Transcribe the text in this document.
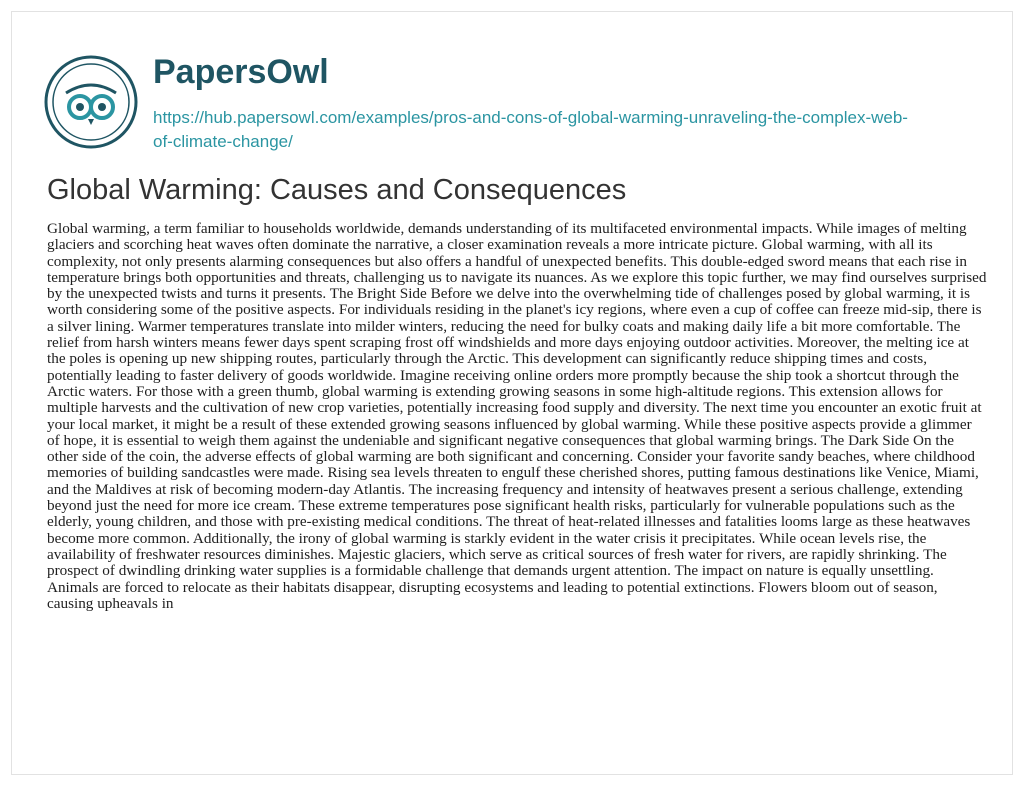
PapersOwl
https://hub.papersowl.com/examples/pros-and-cons-of-global-warming-unraveling-the-complex-web-of-climate-change/
Global Warming: Causes and Consequences

Global warming, a term familiar to households worldwide, demands understanding of its multifaceted environmental impacts. While images of melting glaciers and scorching heat waves often dominate the narrative, a closer examination reveals a more intricate picture. Global warming, with all its complexity, not only presents alarming consequences but also offers a handful of unexpected benefits. This double-edged sword means that each rise in temperature brings both opportunities and threats, challenging us to navigate its nuances. As we explore this topic further, we may find ourselves surprised by the unexpected twists and turns it presents. The Bright Side Before we delve into the overwhelming tide of challenges posed by global warming, it is worth considering some of the positive aspects. For individuals residing in the planet's icy regions, where even a cup of coffee can freeze mid-sip, there is a silver lining. Warmer temperatures translate into milder winters, reducing the need for bulky coats and making daily life a bit more comfortable. The relief from harsh winters means fewer days spent scraping frost off windshields and more days enjoying outdoor activities. Moreover, the melting ice at the poles is opening up new shipping routes, particularly through the Arctic. This development can significantly reduce shipping times and costs, potentially leading to faster delivery of goods worldwide. Imagine receiving online orders more promptly because the ship took a shortcut through the Arctic waters. For those with a green thumb, global warming is extending growing seasons in some high-altitude regions. This extension allows for multiple harvests and the cultivation of new crop varieties, potentially increasing food supply and diversity. The next time you encounter an exotic fruit at your local market, it might be a result of these extended growing seasons influenced by global warming. While these positive aspects provide a glimmer of hope, it is essential to weigh them against the undeniable and significant negative consequences that global warming brings. The Dark Side On the other side of the coin, the adverse effects of global warming are both significant and concerning. Consider your favorite sandy beaches, where childhood memories of building sandcastles were made. Rising sea levels threaten to engulf these cherished shores, putting famous destinations like Venice, Miami, and the Maldives at risk of becoming modern-day Atlantis. The increasing frequency and intensity of heatwaves present a serious challenge, extending beyond just the need for more ice cream. These extreme temperatures pose significant health risks, particularly for vulnerable populations such as the elderly, young children, and those with pre-existing medical conditions. The threat of heat-related illnesses and fatalities looms large as these heatwaves become more common. Additionally, the irony of global warming is starkly evident in the water crisis it precipitates. While ocean levels rise, the availability of freshwater resources diminishes. Majestic glaciers, which serve as critical sources of fresh water for rivers, are rapidly shrinking. The prospect of dwindling drinking water supplies is a formidable challenge that demands urgent attention. The impact on nature is equally unsettling. Animals are forced to relocate as their habitats disappear, disrupting ecosystems and leading to potential extinctions. Flowers bloom out of season, causing upheavals in
